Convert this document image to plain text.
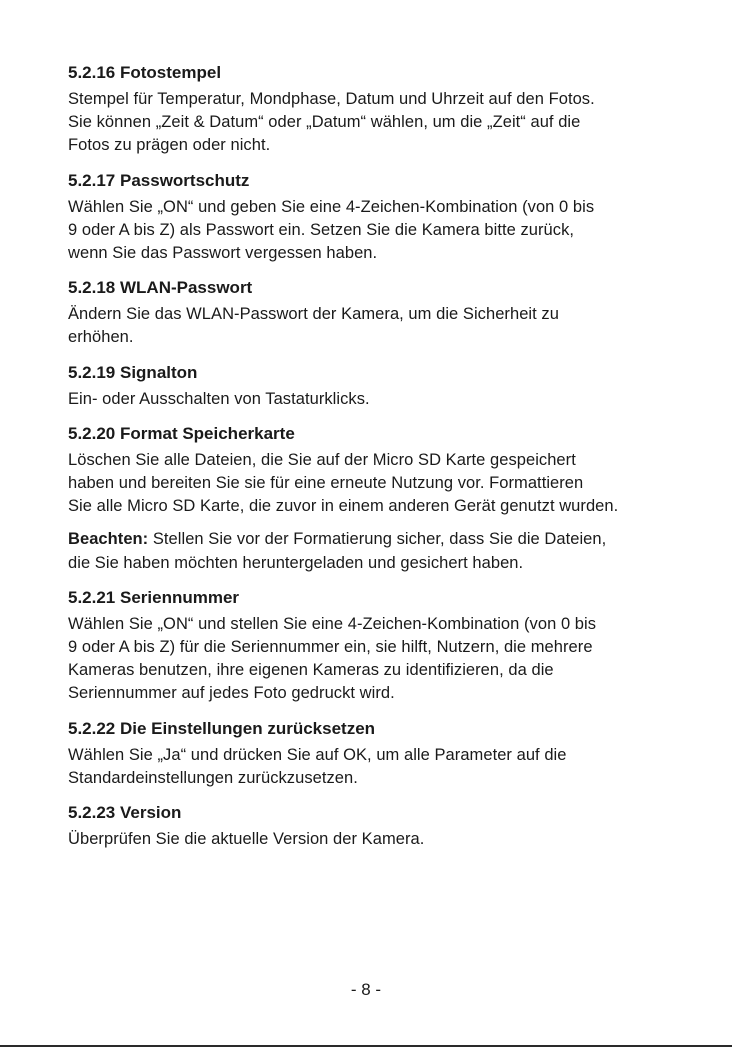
5.2.16 Fotostempel
Stempel für Temperatur, Mondphase, Datum und Uhrzeit auf den Fotos.
Sie können „Zeit & Datum“ oder „Datum“ wählen, um die „Zeit“ auf die
Fotos zu prägen oder nicht.
5.2.17 Passwortschutz
Wählen Sie „ON“ und geben Sie eine 4-Zeichen-Kombination (von 0 bis
9 oder A bis Z) als Passwort ein. Setzen Sie die Kamera bitte zurück,
wenn Sie das Passwort vergessen haben.
5.2.18 WLAN-Passwort
Ändern Sie das WLAN-Passwort der Kamera, um die Sicherheit zu
erhöhen.
5.2.19 Signalton
Ein- oder Ausschalten von Tastaturklicks.
5.2.20 Format Speicherkarte
Löschen Sie alle Dateien, die Sie auf der Micro SD Karte gespeichert
haben und bereiten Sie sie für eine erneute Nutzung vor. Formattieren
Sie alle Micro SD Karte, die zuvor in einem anderen Gerät genutzt wurden.
Beachten: Stellen Sie vor der Formatierung sicher, dass Sie die Dateien,
die Sie haben möchten heruntergeladen und gesichert haben.
5.2.21 Seriennummer
Wählen Sie „ON“ und stellen Sie eine 4-Zeichen-Kombination (von 0 bis
9 oder A bis Z) für die Seriennummer ein, sie hilft, Nutzern, die mehrere
Kameras benutzen, ihre eigenen Kameras zu identifizieren, da die
Seriennummer auf jedes Foto gedruckt wird.
5.2.22 Die Einstellungen zurücksetzen
Wählen Sie „Ja“ und drücken Sie auf OK, um alle Parameter auf die
Standardeinstellungen zurückzusetzen.
5.2.23 Version
Überprüfen Sie die aktuelle Version der Kamera.
- 8 -
